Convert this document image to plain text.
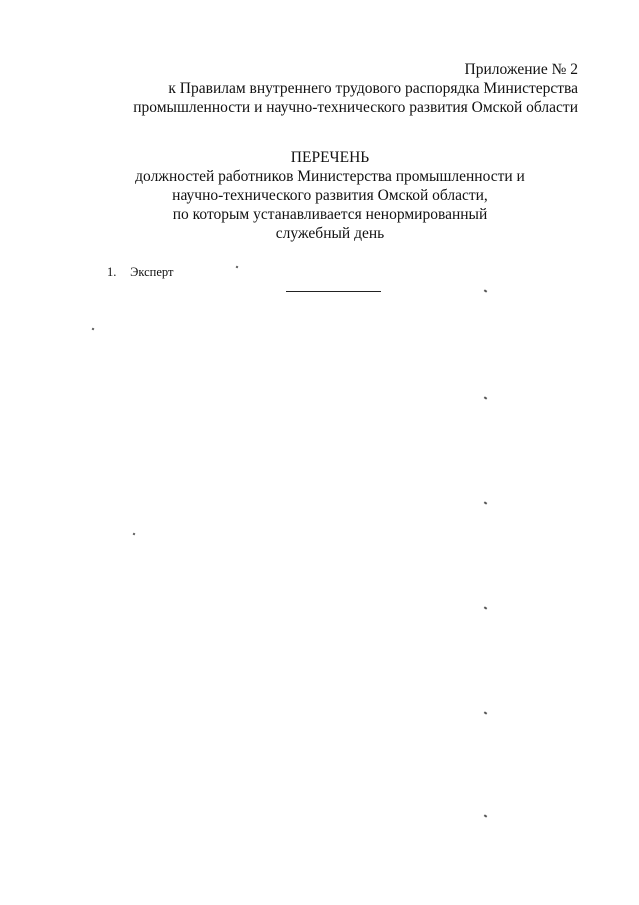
Приложение № 2
к Правилам внутреннего трудового распорядка Министерства
промышленности и научно-технического развития Омской области
ПЕРЕЧЕНЬ
должностей работников Министерства промышленности и
научно-технического развития Омской области,
по которым устанавливается ненормированный
служебный день
1. Эксперт
